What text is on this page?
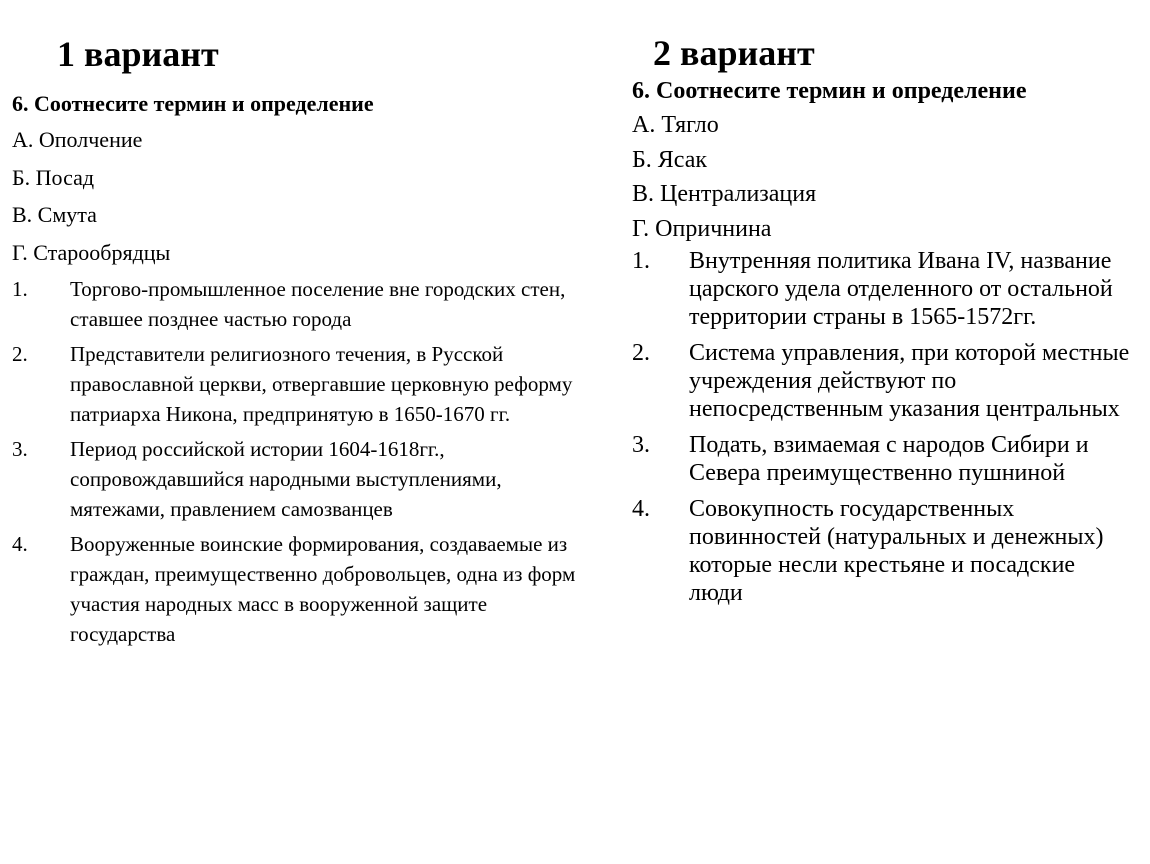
1 вариант
6. Соотнесите термин и определение
А. Ополчение
Б. Посад
В. Смута
Г. Старообрядцы
1.	Торгово-промышленное поселение вне городских стен, ставшее позднее частью города
2.	Представители религиозного течения, в Русской православной церкви, отвергавшие церковную реформу патриарха Никона, предпринятую в 1650-1670 гг.
3.	Период российской истории 1604-1618гг., сопровождавшийся народными выступлениями, мятежами, правлением самозванцев
4.	Вооруженные воинские формирования, создаваемые из граждан, преимущественно добровольцев, одна из форм участия народных масс в вооруженной защите государства
2 вариант
6. Соотнесите термин и определение
А. Тягло
Б. Ясак
В. Централизация
Г. Опричнина
1.	Внутренняя политика Ивана IV, название царского удела отделенного от остальной территории страны в 1565-1572гг.
2.	Система управления, при которой местные учреждения действуют по непосредственным указания центральных
3.	Подать, взимаемая с народов Сибири и Севера преимущественно пушниной
4.	Совокупность государственных повинностей (натуральных и денежных) которые несли крестьяне и посадские люди
